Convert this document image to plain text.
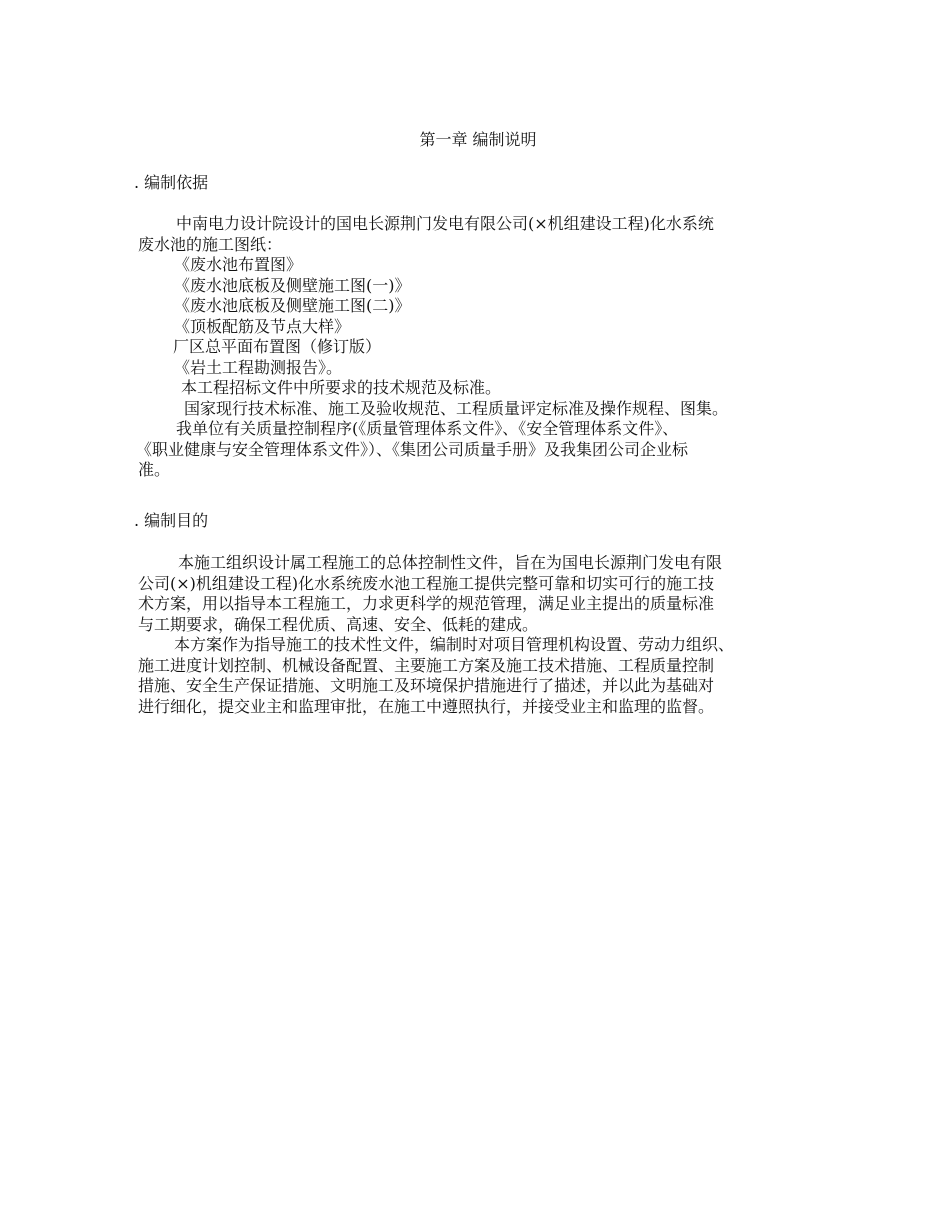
第一章 编制说明
. 编制依据
中南电力设计院设计的国电长源荆门发电有限公司(×机组建设工程)化水系统
废水池的施工图纸：
《废水池布置图》
《废水池底板及侧壁施工图(一)》
《废水池底板及侧壁施工图(二)》
《顶板配筋及节点大样》
厂区总平面布置图（修订版）
《岩土工程勘测报告》。
本工程招标文件中所要求的技术规范及标准。
国家现行技术标准、施工及验收规范、工程质量评定标准及操作规程、图集。
我单位有关质量控制程序(《质量管理体系文件》、《安全管理体系文件》、
《职业健康与安全管理体系文件》）、《集团公司质量手册》及我集团公司企业标
准。
. 编制目的
本施工组织设计属工程施工的总体控制性文件，旨在为国电长源荆门发电有限
公司(×)机组建设工程)化水系统废水池工程施工提供完整可靠和切实可行的施工技
术方案，用以指导本工程施工，力求更科学的规范管理，满足业主提出的质量标准
与工期要求，确保工程优质、高速、安全、低耗的建成。
本方案作为指导施工的技术性文件，编制时对项目管理机构设置、劳动力组织、
施工进度计划控制、机械设备配置、主要施工方案及施工技术措施、工程质量控制
措施、安全生产保证措施、文明施工及环境保护措施进行了描述，并以此为基础对
进行细化，提交业主和监理审批，在施工中遵照执行，并接受业主和监理的监督。
